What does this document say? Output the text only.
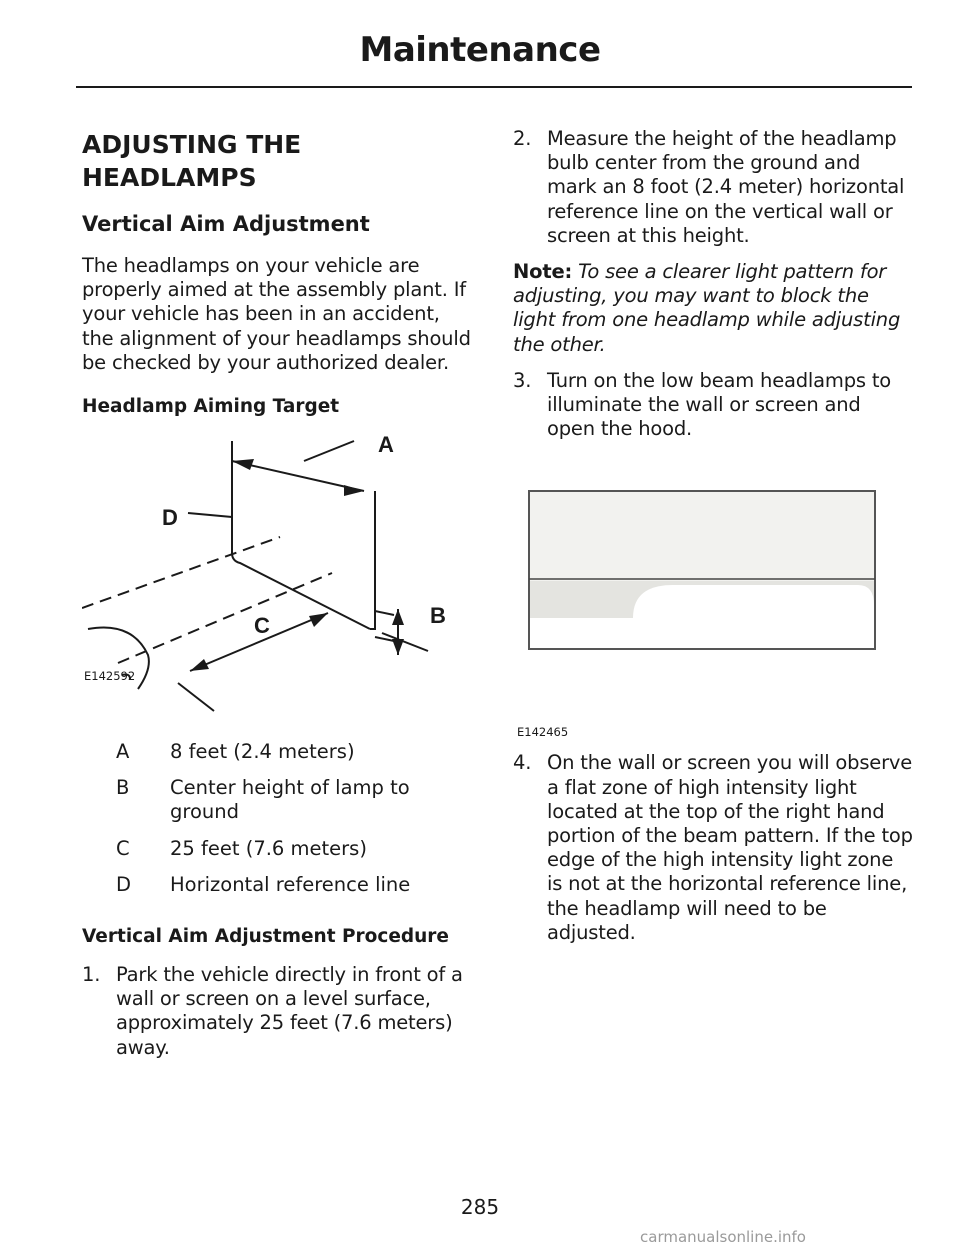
Maintenance
ADJUSTING THE HEADLAMPS
Vertical Aim Adjustment

The headlamps on your vehicle are properly aimed at the assembly plant. If your vehicle has been in an accident, the alignment of your headlamps should be checked by your authorized dealer.

Headlamp Aiming Target
A
D
B
C
E142592
A	8 feet (2.4 meters)
B	Center height of lamp to ground
C	25 feet (7.6 meters)
D	Horizontal reference line
Vertical Aim Adjustment Procedure
1. Park the vehicle directly in front of a wall or screen on a level surface, approximately 25 feet (7.6 meters) away.
2. Measure the height of the headlamp bulb center from the ground and mark an 8 foot (2.4 meter) horizontal reference line on the vertical wall or screen at this height.
Note: To see a clearer light pattern for adjusting, you may want to block the light from one headlamp while adjusting the other.
3. Turn on the low beam headlamps to illuminate the wall or screen and open the hood.
E142465
4. On the wall or screen you will observe a flat zone of high intensity light located at the top of the right hand portion of the beam pattern. If the top edge of the high intensity light zone is not at the horizontal reference line, the headlamp will need to be adjusted.
285
carmanualsonline.info
